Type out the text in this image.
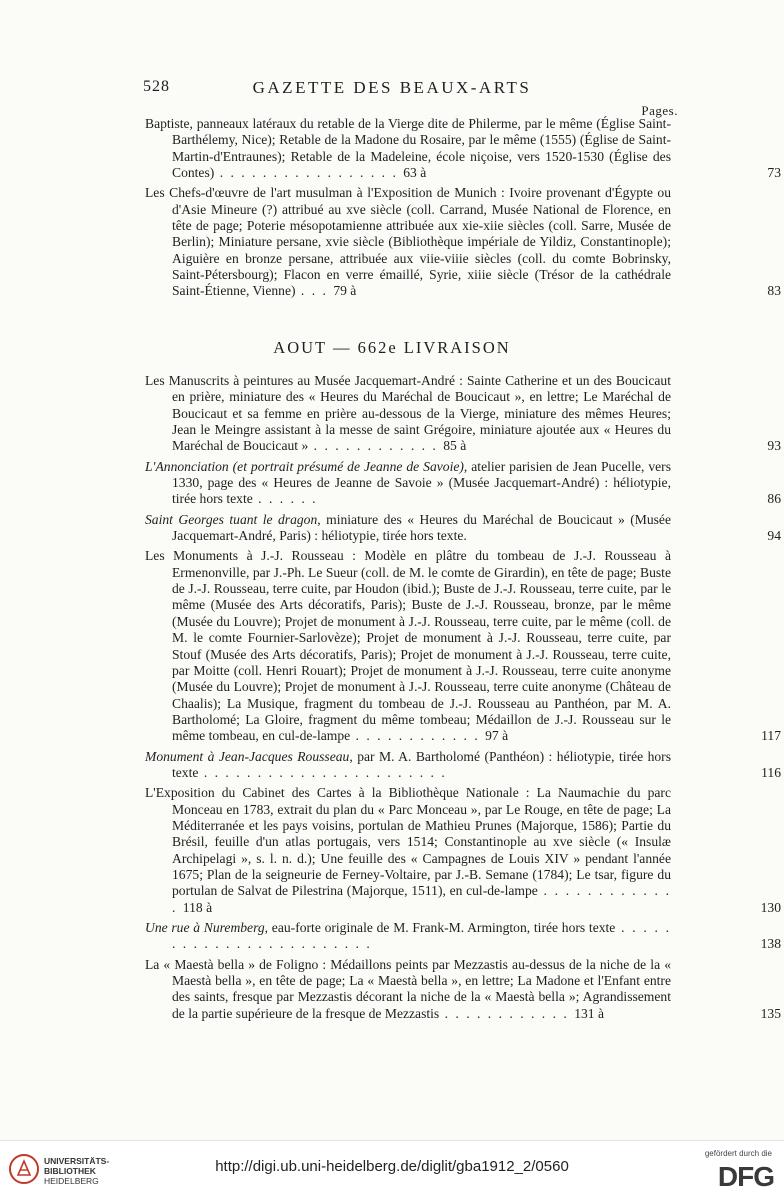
528	GAZETTE DES BEAUX-ARTS
Pages.

Baptiste, panneaux latéraux du retable de la Vierge dite de Philerme, par le même (Église Saint-Barthélemy, Nice); Retable de la Madone du Rosaire, par le même (1555) (Église de Saint-Martin-d'Entraunes); Retable de la Madeleine, école niçoise, vers 1520-1530 (Église des Contes) . . . . . . . . . . . . . . . . . 63 à	73

Les Chefs-d'œuvre de l'art musulman à l'Exposition de Munich : Ivoire provenant d'Égypte ou d'Asie Mineure (?) attribué au xve siècle (coll. Carrand, Musée National de Florence, en tête de page; Poterie mésopotamienne attribuée aux xie-xiie siècles (coll. Sarre, Musée de Berlin); Miniature persane, xvie siècle (Bibliothèque impériale de Yildiz, Constantinople); Aiguière en bronze persane, attribuée aux viie-viiie siècles (coll. du comte Bobrinsky, Saint-Pétersbourg); Flacon en verre émaillé, Syrie, xiiie siècle (Trésor de la cathédrale Saint-Étienne, Vienne) . . . 79 à	83

AOUT — 662e LIVRAISON

Les Manuscrits à peintures au Musée Jacquemart-André : Sainte Catherine et un des Boucicaut en prière, miniature des « Heures du Maréchal de Boucicaut », en lettre; Le Maréchal de Boucicaut et sa femme en prière au-dessous de la Vierge, miniature des mêmes Heures; Jean le Meingre assistant à la messe de saint Grégoire, miniature ajoutée aux « Heures du Maréchal de Boucicaut » . . . . . . . . . . . . 85 à	93

L'Annonciation (et portrait présumé de Jeanne de Savoie), atelier parisien de Jean Pucelle, vers 1330, page des « Heures de Jeanne de Savoie » (Musée Jacquemart-André) : héliotypie, tirée hors texte . . . . . .	86

Saint Georges tuant le dragon, miniature des « Heures du Maréchal de Boucicaut » (Musée Jacquemart-André, Paris) : héliotypie, tirée hors texte.	94

Les Monuments à J.-J. Rousseau : Modèle en plâtre du tombeau de J.-J. Rousseau à Ermenonville, par J.-Ph. Le Sueur (coll. de M. le comte de Girardin), en tête de page; Buste de J.-J. Rousseau, terre cuite, par Houdon (ibid.); Buste de J.-J. Rousseau, terre cuite, par le même (Musée des Arts décoratifs, Paris); Buste de J.-J. Rousseau, bronze, par le même (Musée du Louvre); Projet de monument à J.-J. Rousseau, terre cuite, par le même (coll. de M. le comte Fournier-Sarlovèze); Projet de monument à J.-J. Rousseau, terre cuite, par Stouf (Musée des Arts décoratifs, Paris); Projet de monument à J.-J. Rousseau, terre cuite, par Moitte (coll. Henri Rouart); Projet de monument à J.-J. Rousseau, terre cuite anonyme (Musée du Louvre); Projet de monument à J.-J. Rousseau, terre cuite anonyme (Château de Chaalis); La Musique, fragment du tombeau de J.-J. Rousseau au Panthéon, par M. A. Bartholomé; La Gloire, fragment du même tombeau; Médaillon de J.-J. Rousseau sur le même tombeau, en cul-de-lampe . . . . . . . . . . . . 97 à	117

Monument à Jean-Jacques Rousseau, par M. A. Bartholomé (Panthéon) : héliotypie, tirée hors texte . . . . . . . . . . . . . . . . . . . . . . .	116

L'Exposition du Cabinet des Cartes à la Bibliothèque Nationale : La Naumachie du parc Monceau en 1783, extrait du plan du « Parc Monceau », par Le Rouge, en tête de page; La Méditerranée et les pays voisins, portulan de Mathieu Prunes (Majorque, 1586); Partie du Brésil, feuille d'un atlas portugais, vers 1514; Constantinople au xve siècle (« Insulæ Archipelagi », s. l. n. d.); Une feuille des « Campagnes de Louis XIV » pendant l'année 1675; Plan de la seigneurie de Ferney-Voltaire, par J.-B. Semane (1784); Le tsar, figure du portulan de Salvat de Pilestrina (Majorque, 1511), en cul-de-lampe . . . . . . . . . . . . . 118 à	130

Une rue à Nuremberg, eau-forte originale de M. Frank-M. Armington, tirée hors texte . . . . . . . . . . . . . . . . . . . . . . . .	138

La « Maestà bella » de Foligno : Médaillons peints par Mezzastis au-dessus de la niche de la « Maestà bella », en tête de page; La « Maestà bella », en lettre; La Madone et l'Enfant entre des saints, fresque par Mezzastis décorant la niche de la « Maestà bella »; Agrandissement de la partie supérieure de la fresque de Mezzastis . . . . . . . . . . . . 131 à	135

UNIVERSITÄTS-
BIBLIOTHEK
HEIDELBERG
http://digi.ub.uni-heidelberg.de/diglit/gba1912_2/0560
gefördert durch die
DFG
